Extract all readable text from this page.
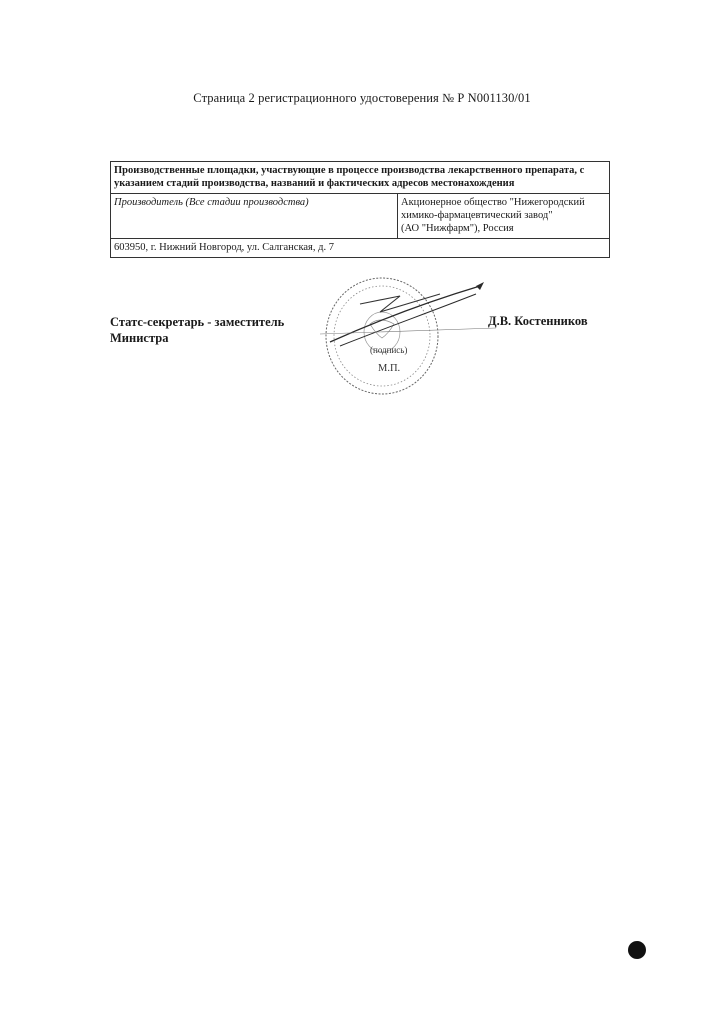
Страница 2 регистрационного удостоверения № Р N001130/01
Производственные площадки, участвующие в процессе производства лекарственного препарата, с указанием стадий производства, названий и фактических адресов местонахождения
Производитель (Все стадии производства)	Акционерное общество "Нижегородский
химико-фармацевтический завод"
(АО "Нижфарм"), Россия

603950, г. Нижний Новгород, ул. Салганская, д. 7
Статс-секретарь - заместитель
Министра
(подпись)
М.П.
Д.В. Костенников
